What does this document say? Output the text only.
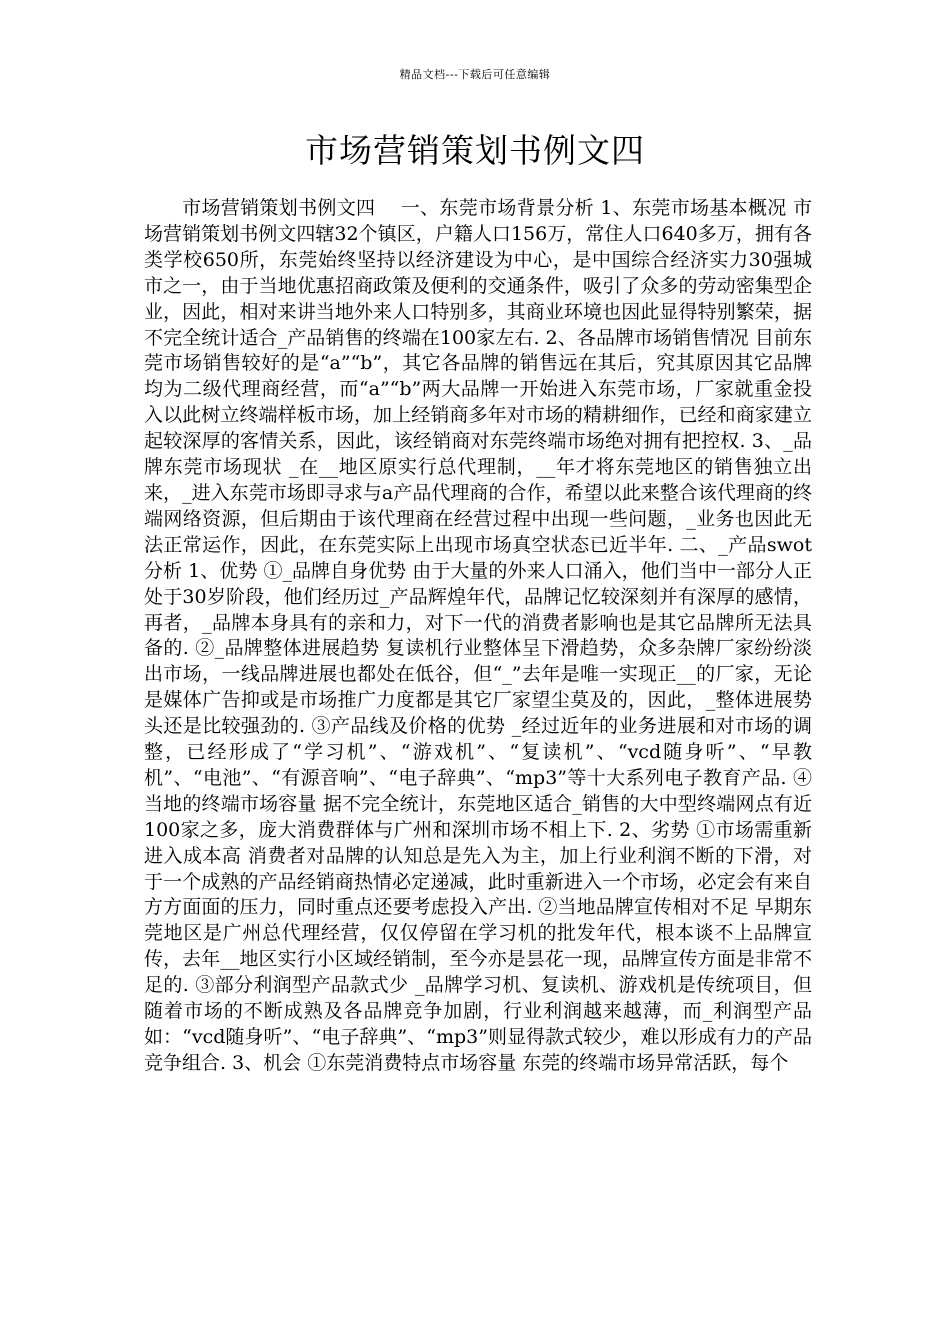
精品文档---下载后可任意编辑
市场营销策划书例文四

市场营销策划书例文四    一、东莞市场背景分析 1、东莞市场基本概况 市场营销策划书例文四辖32个镇区，户籍人口156万，常住人口640多万，拥有各类学校650所，东莞始终坚持以经济建设为中心，是中国综合经济实力30强城市之一，由于当地优惠招商政策及便利的交通条件，吸引了众多的劳动密集型企业，因此，相对来讲当地外来人口特别多，其商业环境也因此显得特别繁荣，据不完全统计适合_产品销售的终端在100家左右. 2、各品牌市场销售情况 目前东莞市场销售较好的是“a”“b”，其它各品牌的销售远在其后，究其原因其它品牌均为二级代理商经营，而“a”“b”两大品牌一开始进入东莞市场，厂家就重金投入以此树立终端样板市场，加上经销商多年对市场的精耕细作，已经和商家建立起较深厚的客情关系，因此，该经销商对东莞终端市场绝对拥有把控权. 3、_品牌东莞市场现状 _在__地区原实行总代理制，__年才将东莞地区的销售独立出来，_进入东莞市场即寻求与a产品代理商的合作，希望以此来整合该代理商的终端网络资源，但后期由于该代理商在经营过程中出现一些问题，_业务也因此无法正常运作，因此，在东莞实际上出现市场真空状态已近半年. 二、_产品swot分析 1、优势 ①_品牌自身优势 由于大量的外来人口涌入，他们当中一部分人正处于30岁阶段，他们经历过_产品辉煌年代，品牌记忆较深刻并有深厚的感情，再者，_品牌本身具有的亲和力，对下一代的消费者影响也是其它品牌所无法具备的. ②_品牌整体进展趋势 复读机行业整体呈下滑趋势，众多杂牌厂家纷纷淡出市场，一线品牌进展也都处在低谷，但“_”去年是唯一实现正__的厂家，无论是媒体广告抑或是市场推广力度都是其它厂家望尘莫及的，因此，_整体进展势头还是比较强劲的. ③产品线及价格的优势 _经过近年的业务进展和对市场的调整，已经形成了“学习机”、“游戏机”、“复读机”、“vcd随身听”、“早教机”、“电池”、“有源音响”、“电子辞典”、“mp3”等十大系列电子教育产品. ④当地的终端市场容量 据不完全统计，东莞地区适合_销售的大中型终端网点有近100家之多，庞大消费群体与广州和深圳市场不相上下. 2、劣势 ①市场需重新进入成本高 消费者对品牌的认知总是先入为主，加上行业利润不断的下滑，对于一个成熟的产品经销商热情必定递减，此时重新进入一个市场，必定会有来自方方面面的压力，同时重点还要考虑投入产出. ②当地品牌宣传相对不足 早期东莞地区是广州总代理经营，仅仅停留在学习机的批发年代，根本谈不上品牌宣传，去年__地区实行小区域经销制，至今亦是昙花一现，品牌宣传方面是非常不足的. ③部分利润型产品款式少 _品牌学习机、复读机、游戏机是传统项目，但随着市场的不断成熟及各品牌竞争加剧，行业利润越来越薄，而_利润型产品如：“vcd随身听”、“电子辞典”、“mp3”则显得款式较少，难以形成有力的产品竞争组合. 3、机会 ①东莞消费特点市场容量 东莞的终端市场异常活跃，每个
